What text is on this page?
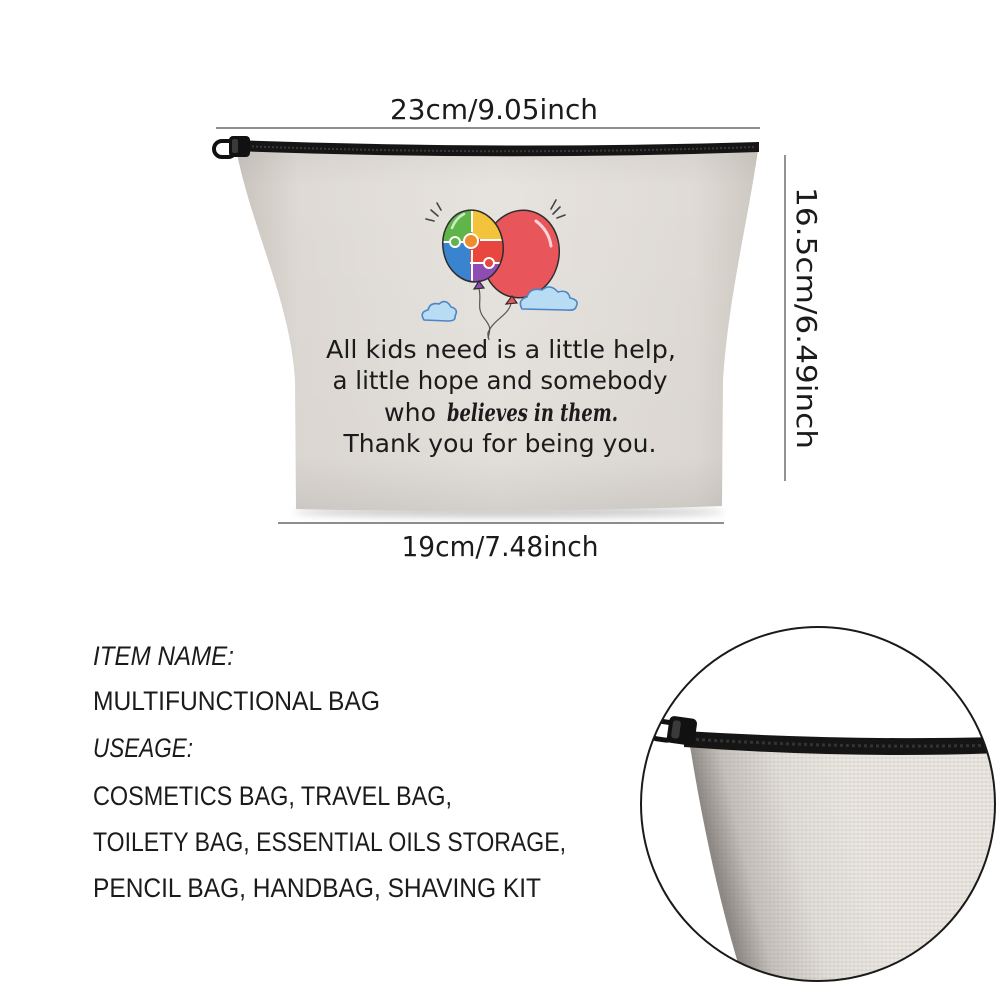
23cm/9.05inch
16.5cm/6.49inch
19cm/7.48inch
All kids need is a little help,
a little hope and somebody
who believes in them.
Thank you for being you.
ITEM NAME:
MULTIFUNCTIONAL BAG
USEAGE:
COSMETICS BAG, TRAVEL BAG,
TOILETY BAG, ESSENTIAL OILS STORAGE,
PENCIL BAG, HANDBAG, SHAVING KIT
